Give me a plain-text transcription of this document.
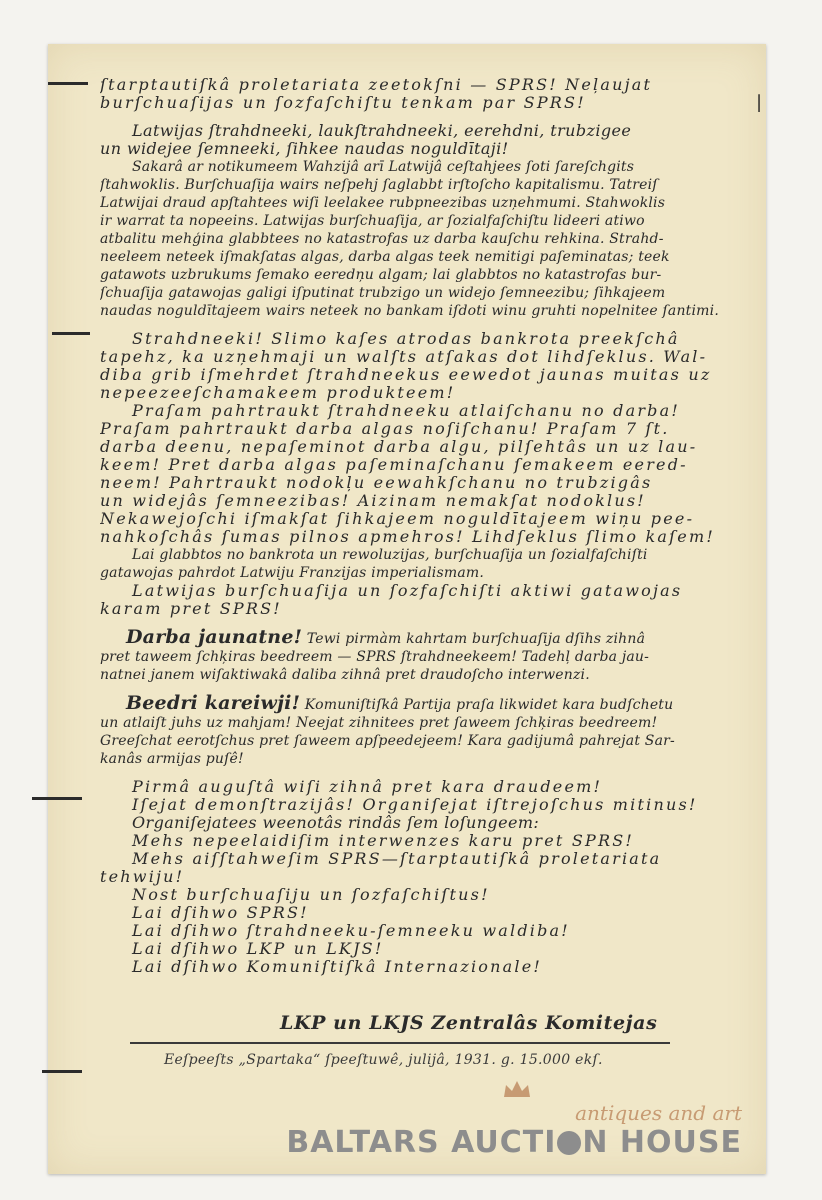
|
ſtarptautiſkâ proletariata zeetokſni — SPRS! Neļaujat
burſchuaſijas un ſozfaſchiſtu tenkam par SPRS!
Latwijas ſtrahdneeki, laukſtrahdneeki, eerehdni, trubzigee
un widejee ſemneeki, ſihkee naudas noguldītaji!
Sakarâ ar notikumeem Wahzijâ arī Latwijâ ceſtahjees ſoti ſareſchgits
ſtahwoklis. Burſchuaſija wairs neſpehj ſaglabbt irſtoſcho kapitalismu. Tatreiſ
Latwijai draud apſtahtees wiſi leelakee rubpneezibas uzņehmumi. Stahwoklis
ir warrat ta nopeeins. Latwijas burſchuaſija, ar ſozialfaſchiſtu lideeri atiwo
atbalitu mehģina glabbtees no katastrofas uz darba kauſchu rehkina. Strahd-
neeleem neteek iſmakſatas algas, darba algas teek nemitigi paſeminatas; teek
gatawots uzbrukums ſemako eeredņu algam; lai glabbtos no katastrofas bur-
ſchuaſija gatawojas galigi iſputinat trubzigo un widejo ſemneezibu; ſihkajeem
naudas noguldītajeem wairs neteek no bankam iſdoti winu gruhti nopelnitee ſantimi.
Strahdneeki! Slimo kaſes atrodas bankrota preekſchâ
tapehz, ka uzņehmaji un walſts atſakas dot lihdſeklus. Wal-
diba grib iſmehrdet ſtrahdneekus eewedot jaunas muitas uz
nepeezeeſchamakeem produkteem!
Praſam pahrtraukt ſtrahdneeku atlaiſchanu no darba!
Praſam pahrtraukt darba algas noſiſchanu! Praſam 7 ſt.
darba deenu, nepaſeminot darba algu, pilſehtâs un uz lau-
keem! Pret darba algas paſeminaſchanu ſemakeem eered-
neem! Pahrtraukt nodokļu eewahkſchanu no trubzigâs
un widejâs ſemneezibas! Aizinam nemakſat nodoklus!
Nekawejoſchi iſmakſat ſihkajeem noguldītajeem wiņu pee-
nahkoſchâs ſumas pilnos apmehros! Lihdſeklus ſlimo kaſem!
Lai glabbtos no bankrota un rewoluzijas, burſchuaſija un ſozialfaſchiſti
gatawojas pahrdot Latwiju Franzijas imperialismam.
Latwijas burſchuaſija un ſozfaſchiſti aktiwi gatawojas
karam pret SPRS!
Darba jaunatne! Tewi pirmàm kahrtam burſchuaſija dſihs zihnâ
pret taweem ſchķiras beedreem — SPRS ſtrahdneekeem! Tadehļ darba jau-
natnei janem wiſaktiwakâ daliba zihnâ pret draudoſcho interwenzi.
Beedri kareiwji! Komuniſtiſkâ Partija praſa likwidet kara budſchetu
un atlaiſt juhs uz mahjam! Neejat zihnitees pret ſaweem ſchķiras beedreem!
Greeſchat eerotſchus pret ſaweem apſpeedejeem! Kara gadijumâ pahrejat Sar-
kanâs armijas puſê!
Pirmâ auguſtâ wiſi zihnâ pret kara draudeem!
Iſejat demonſtrazijâs! Organiſejat iſtrejoſchus mitinus!
Organiſejatees weenotâs rindâs ſem loſungeem:
Mehs nepeelaidiſim interwenzes karu pret SPRS!
Mehs aiſſtahweſim SPRS—ſtarptautiſkâ proletariata
tehwiju!
Nost burſchuaſiju un ſozfaſchiſtus!
Lai dſihwo SPRS!
Lai dſihwo ſtrahdneeku-ſemneeku waldiba!
Lai dſihwo LKP un LKJS!
Lai dſihwo Komuniſtiſkâ Internazionale!
LKP un LKJS Zentralâs Komitejas
Eeſpeeſts „Spartaka“ ſpeeſtuwê, julijâ, 1931. g. 15.000 ekſ.
antiques and art
BALTARS AUCTI N HOUSE
